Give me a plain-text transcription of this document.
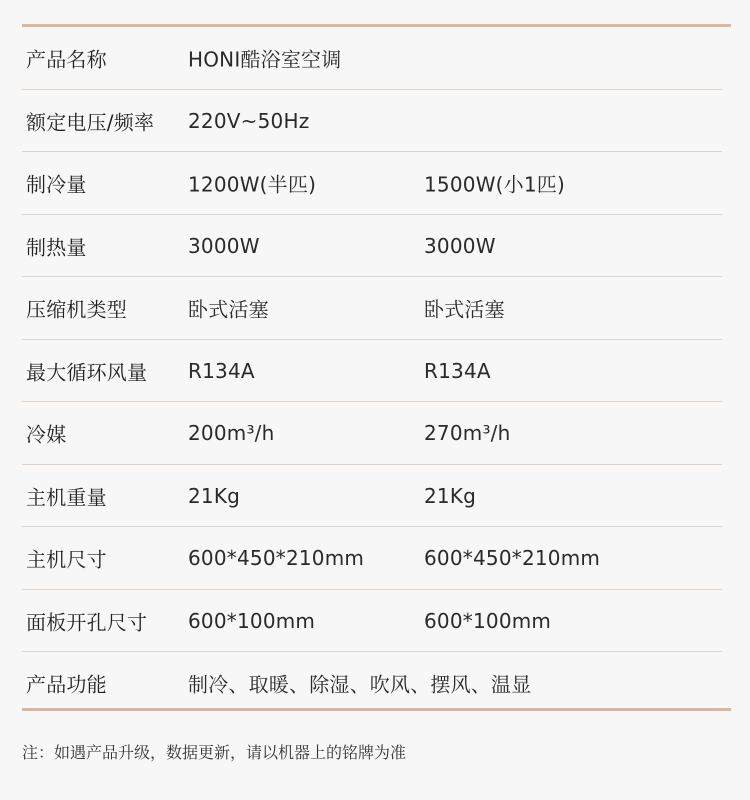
产品名称	HONI酷浴室空调
额定电压/频率 220V~50Hz
制冷量	1200W(半匹)	1500W(小1匹)
制热量	3000W	3000W
压缩机类型	卧式活塞	卧式活塞
最大循环风量 R134A	R134A
冷媒	200m³/h	270m³/h
主机重量	21Kg	21Kg
主机尺寸	600*450*210mm	600*450*210mm
面板开孔尺寸 600*100mm	600*100mm
产品功能	制冷、取暖、除湿、吹风、摆风、温显
注：如遇产品升级，数据更新，请以机器上的铭牌为准
